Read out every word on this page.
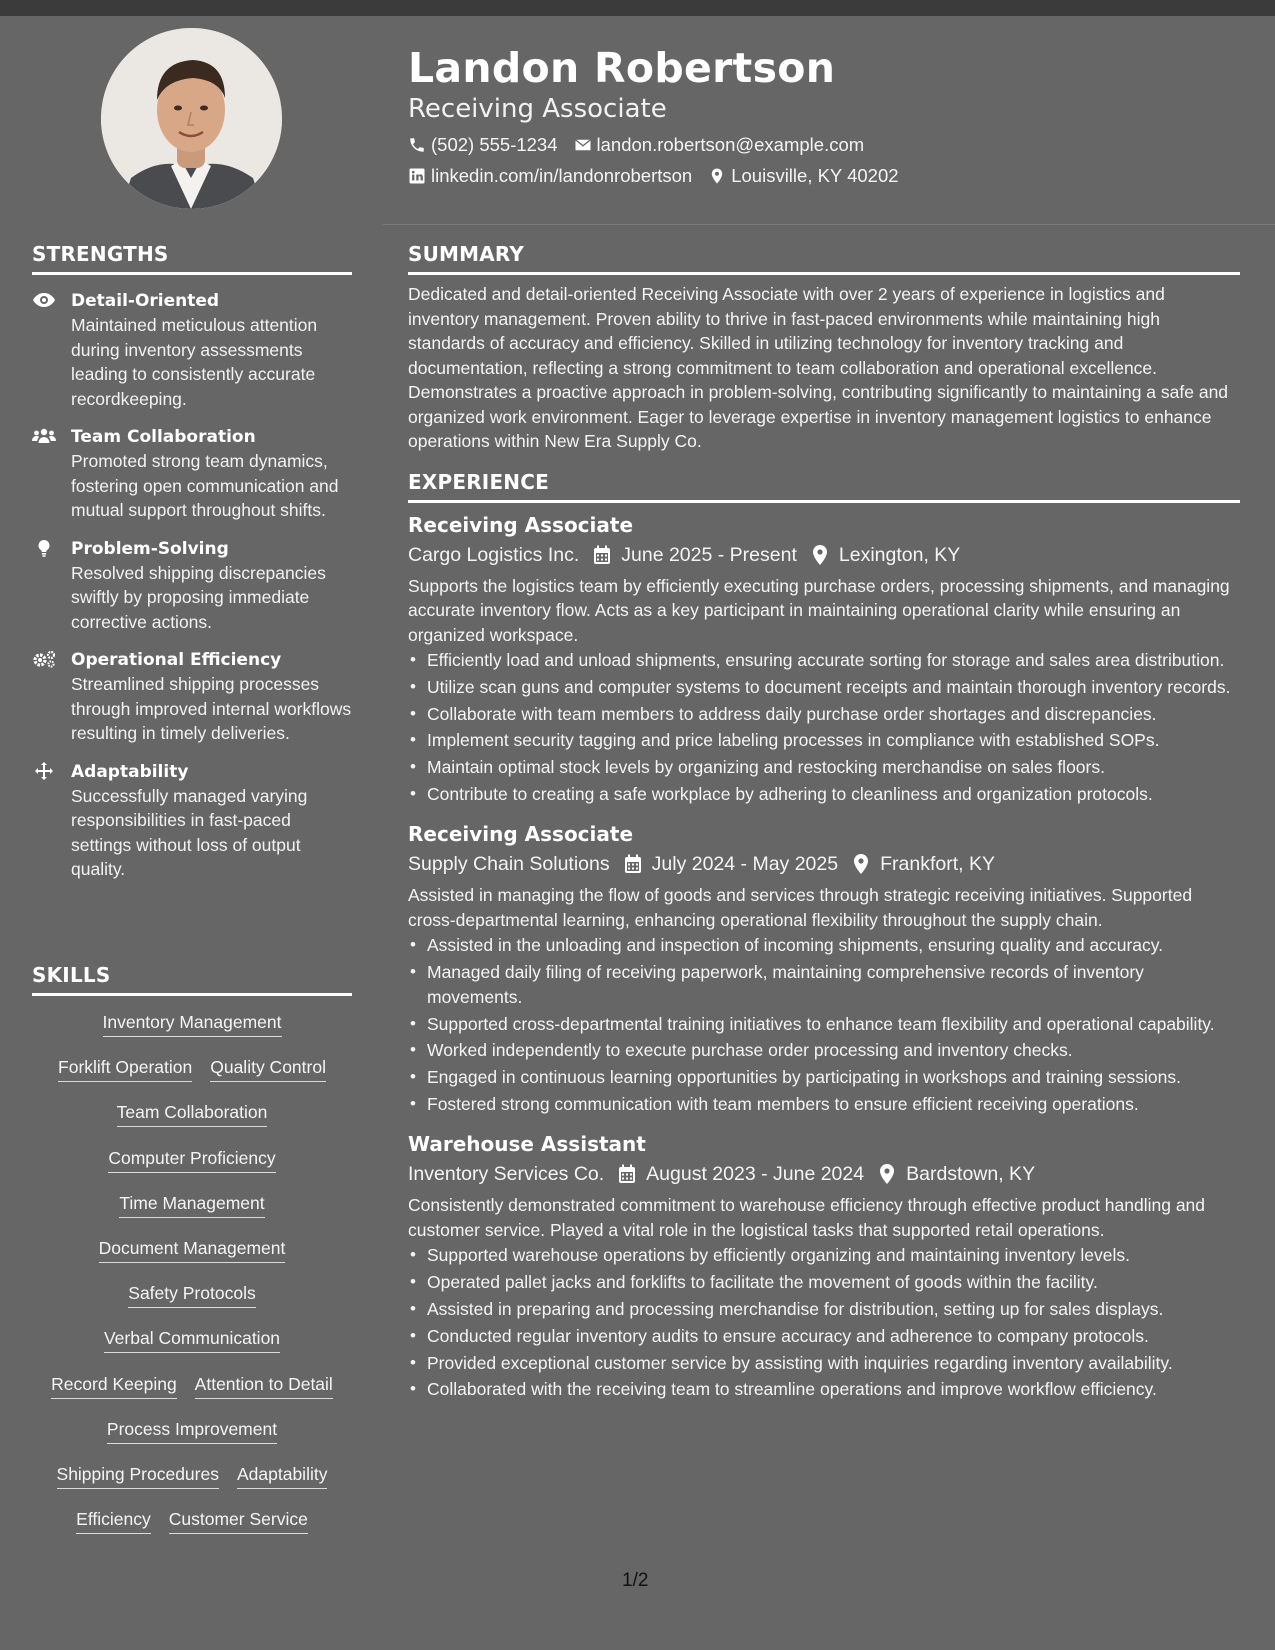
Landon Robertson
Receiving Associate
(502) 555-1234 landon.robertson@example.com
linkedin.com/in/landonrobertson Louisville, KY 40202
STRENGTHS
Detail-Oriented
Maintained meticulous attention during inventory assessments leading to consistently accurate recordkeeping.
Team Collaboration
Promoted strong team dynamics, fostering open communication and mutual support throughout shifts.
Problem-Solving
Resolved shipping discrepancies swiftly by proposing immediate corrective actions.
Operational Efficiency
Streamlined shipping processes through improved internal workflows resulting in timely deliveries.
Adaptability
Successfully managed varying responsibilities in fast-paced settings without loss of output quality.
SKILLS
Inventory Management
Forklift Operation Quality Control
Team Collaboration
Computer Proficiency
Time Management
Document Management
Safety Protocols
Verbal Communication
Record Keeping Attention to Detail
Process Improvement
Shipping Procedures Adaptability
Efficiency Customer Service
SUMMARY
Dedicated and detail-oriented Receiving Associate with over 2 years of experience in logistics and inventory management. Proven ability to thrive in fast-paced environments while maintaining high standards of accuracy and efficiency. Skilled in utilizing technology for inventory tracking and documentation, reflecting a strong commitment to team collaboration and operational excellence. Demonstrates a proactive approach in problem-solving, contributing significantly to maintaining a safe and organized work environment. Eager to leverage expertise in inventory management logistics to enhance operations within New Era Supply Co.
EXPERIENCE
Receiving Associate
Cargo Logistics Inc. June 2025 - Present Lexington, KY
Supports the logistics team by efficiently executing purchase orders, processing shipments, and managing accurate inventory flow. Acts as a key participant in maintaining operational clarity while ensuring an organized workspace.
• Efficiently load and unload shipments, ensuring accurate sorting for storage and sales area distribution.
• Utilize scan guns and computer systems to document receipts and maintain thorough inventory records.
• Collaborate with team members to address daily purchase order shortages and discrepancies.
• Implement security tagging and price labeling processes in compliance with established SOPs.
• Maintain optimal stock levels by organizing and restocking merchandise on sales floors.
• Contribute to creating a safe workplace by adhering to cleanliness and organization protocols.
Receiving Associate
Supply Chain Solutions July 2024 - May 2025 Frankfort, KY
Assisted in managing the flow of goods and services through strategic receiving initiatives. Supported cross-departmental learning, enhancing operational flexibility throughout the supply chain.
• Assisted in the unloading and inspection of incoming shipments, ensuring quality and accuracy.
• Managed daily filing of receiving paperwork, maintaining comprehensive records of inventory movements.
• Supported cross-departmental training initiatives to enhance team flexibility and operational capability.
• Worked independently to execute purchase order processing and inventory checks.
• Engaged in continuous learning opportunities by participating in workshops and training sessions.
• Fostered strong communication with team members to ensure efficient receiving operations.
Warehouse Assistant
Inventory Services Co. August 2023 - June 2024 Bardstown, KY
Consistently demonstrated commitment to warehouse efficiency through effective product handling and customer service. Played a vital role in the logistical tasks that supported retail operations.
• Supported warehouse operations by efficiently organizing and maintaining inventory levels.
• Operated pallet jacks and forklifts to facilitate the movement of goods within the facility.
• Assisted in preparing and processing merchandise for distribution, setting up for sales displays.
• Conducted regular inventory audits to ensure accuracy and adherence to company protocols.
• Provided exceptional customer service by assisting with inquiries regarding inventory availability.
• Collaborated with the receiving team to streamline operations and improve workflow efficiency.
1/2
